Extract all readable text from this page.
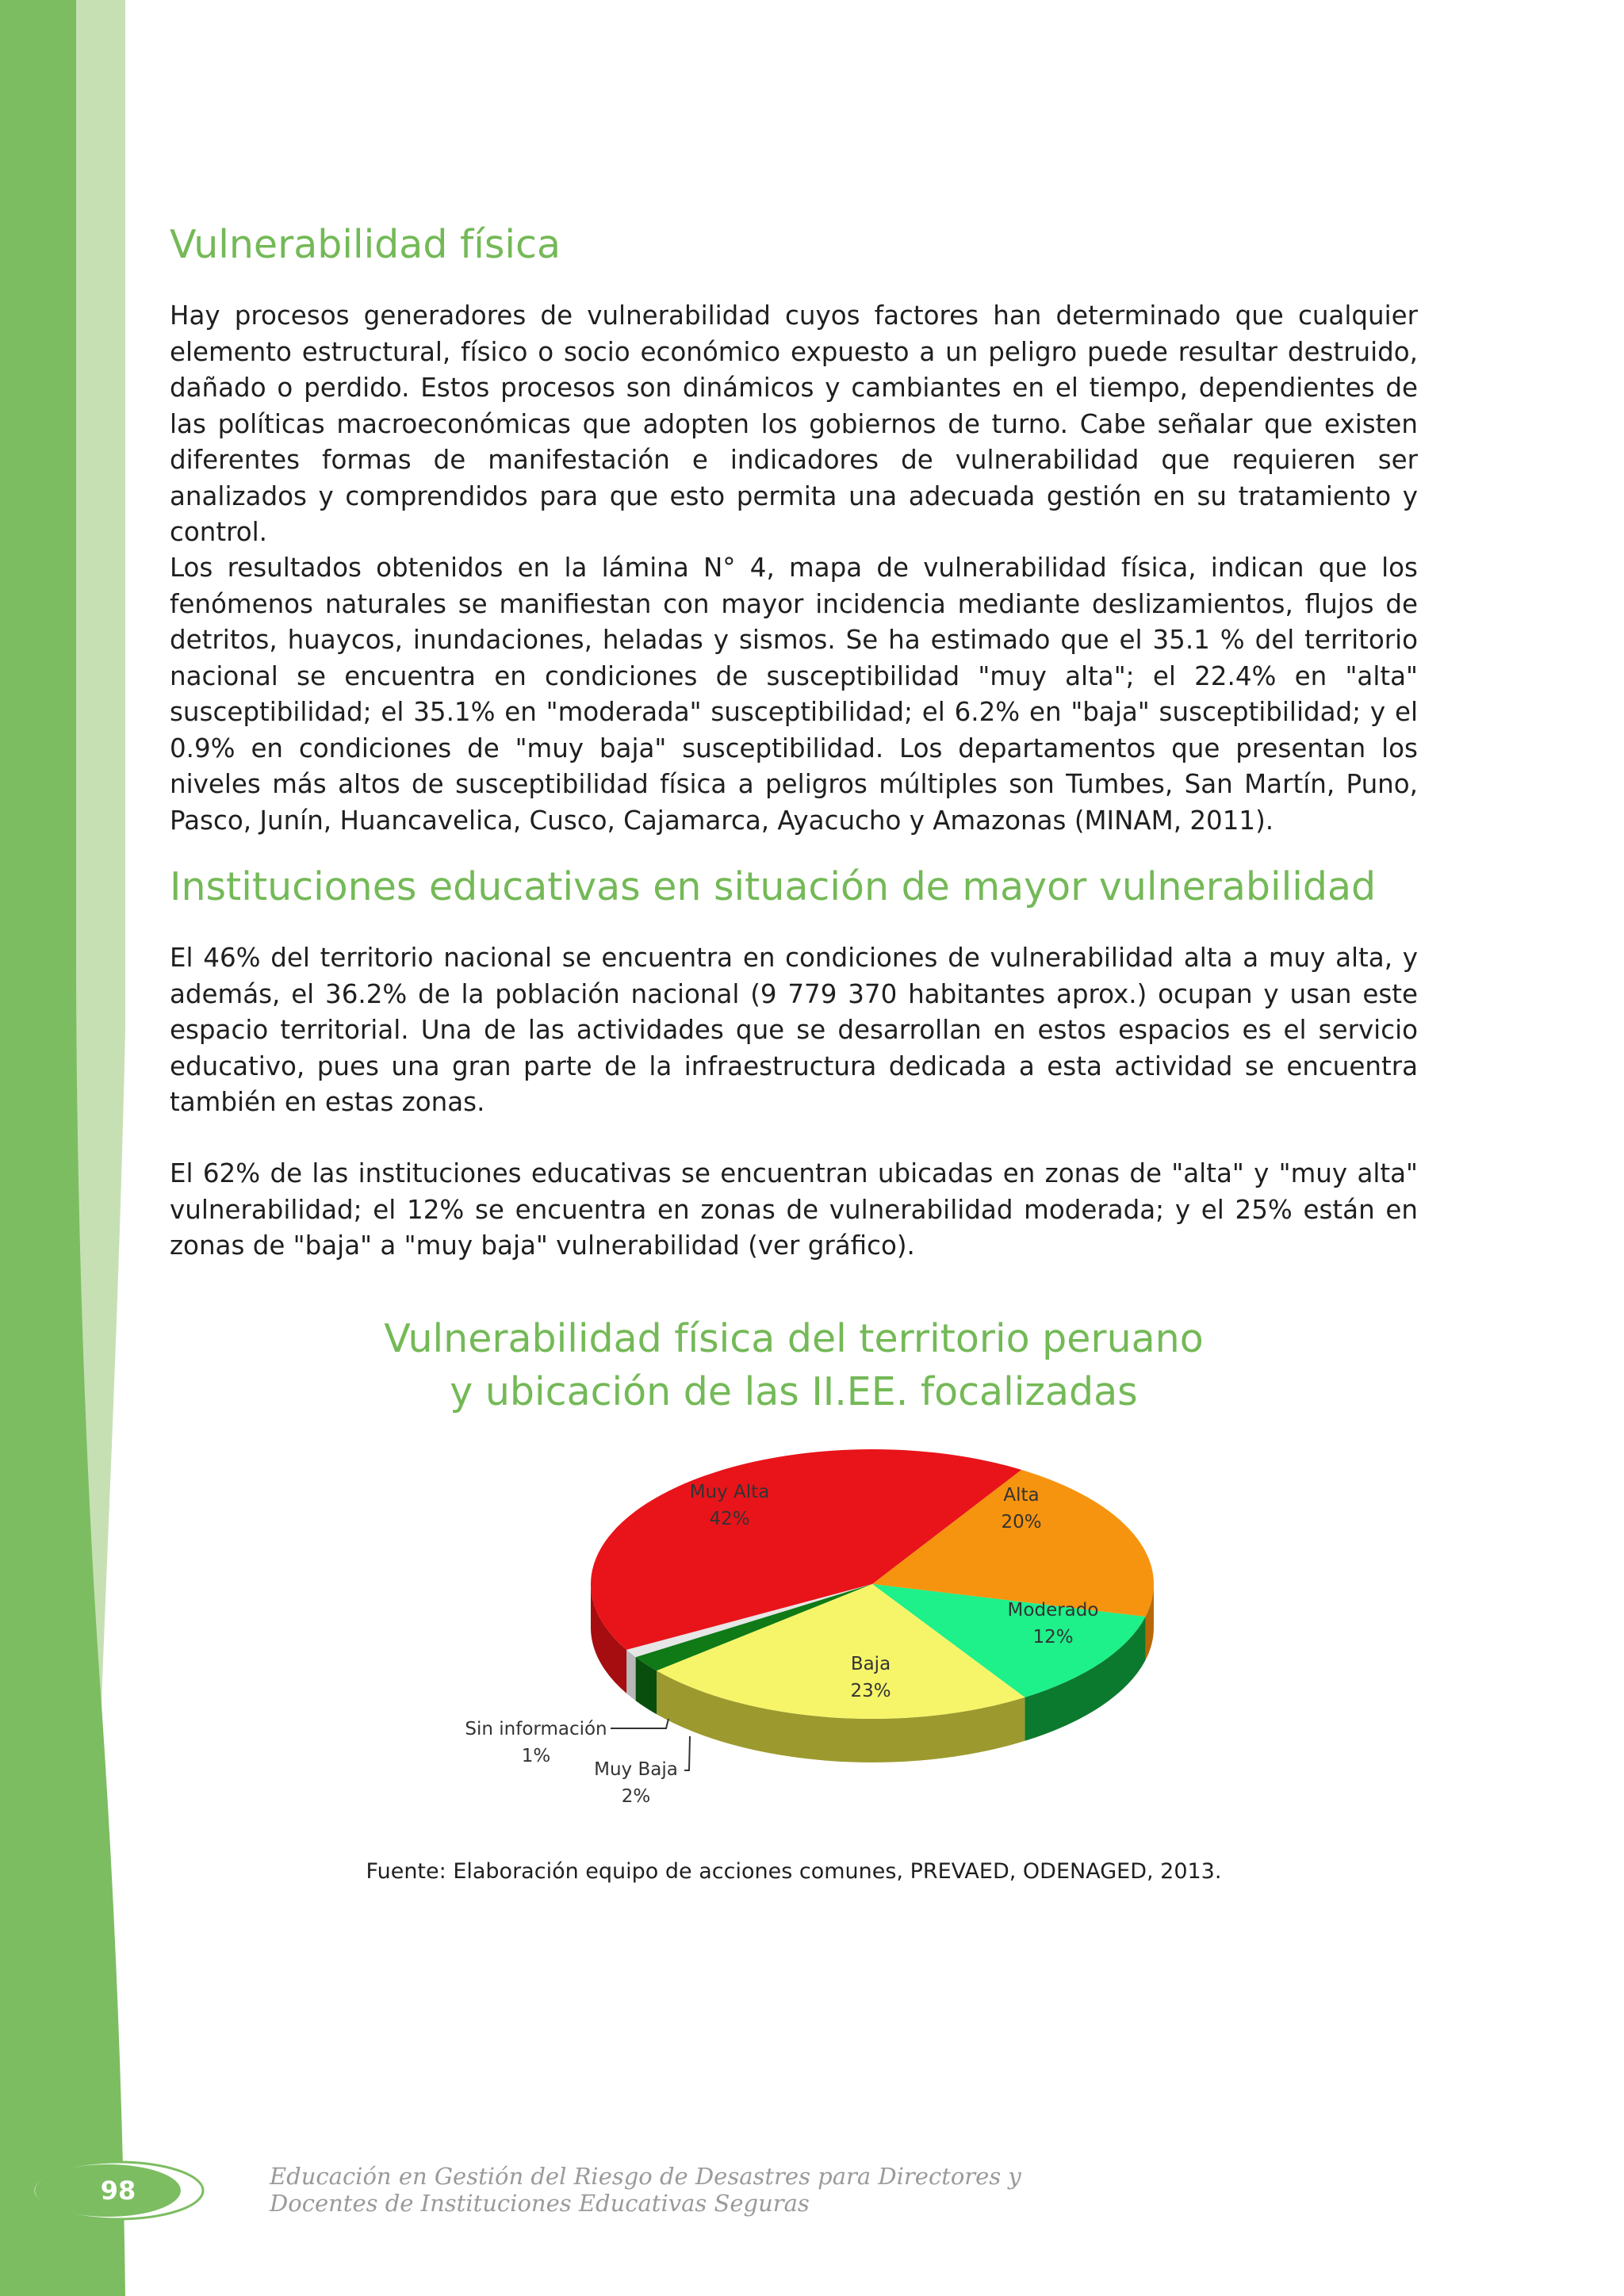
Vulnerabilidad física

Hay procesos generadores de vulnerabilidad cuyos factores han determinado que cualquier elemento estructural, físico o socio económico expuesto a un peligro puede resultar destruido, dañado o perdido. Estos procesos son dinámicos y cambiantes en el tiempo, dependientes de las políticas macroeconómicas que adopten los gobiernos de turno. Cabe señalar que existen diferentes formas de manifestación e indicadores de vulnerabilidad que requieren ser analizados y comprendidos para que esto permita una adecuada gestión en su tratamiento y control.

Los resultados obtenidos en la lámina N° 4, mapa de vulnerabilidad física, indican que los fenómenos naturales se manifiestan con mayor incidencia mediante deslizamientos, flujos de detritos, huaycos, inundaciones, heladas y sismos. Se ha estimado que el 35.1 % del territorio nacional se encuentra en condiciones de susceptibilidad "muy alta"; el 22.4% en "alta" susceptibilidad; el 35.1% en "moderada" susceptibilidad; el 6.2% en "baja" susceptibilidad; y el 0.9% en condiciones de "muy baja" susceptibilidad. Los departamentos que presentan los niveles más altos de susceptibilidad física a peligros múltiples son Tumbes, San Martín, Puno, Pasco, Junín, Huancavelica, Cusco, Cajamarca, Ayacucho y Amazonas (MINAM, 2011).

Instituciones educativas en situación de mayor vulnerabilidad

El 46% del territorio nacional se encuentra en condiciones de vulnerabilidad alta a muy alta, y además, el 36.2% de la población nacional (9 779 370 habitantes aprox.) ocupan y usan este espacio territorial. Una de las actividades que se desarrollan en estos espacios es el servicio educativo, pues una gran parte de la infraestructura dedicada a esta actividad se encuentra también en estas zonas.

El 62% de las instituciones educativas se encuentran ubicadas en zonas de "alta" y "muy alta" vulnerabilidad; el 12% se encuentra en zonas de vulnerabilidad moderada; y el 25% están en zonas de "baja" a "muy baja" vulnerabilidad (ver gráfico).

Vulnerabilidad física del territorio peruano
y ubicación de las II.EE. focalizadas
Muy Alta
42%
Alta
20%
Moderado
12%
Baja
23%
Sin información
1%
Muy Baja
2%
Fuente: Elaboración equipo de acciones comunes, PREVAED, ODENAGED, 2013.
98	Educación en Gestión del Riesgo de Desastres para Directores y
Docentes de Instituciones Educativas Seguras
